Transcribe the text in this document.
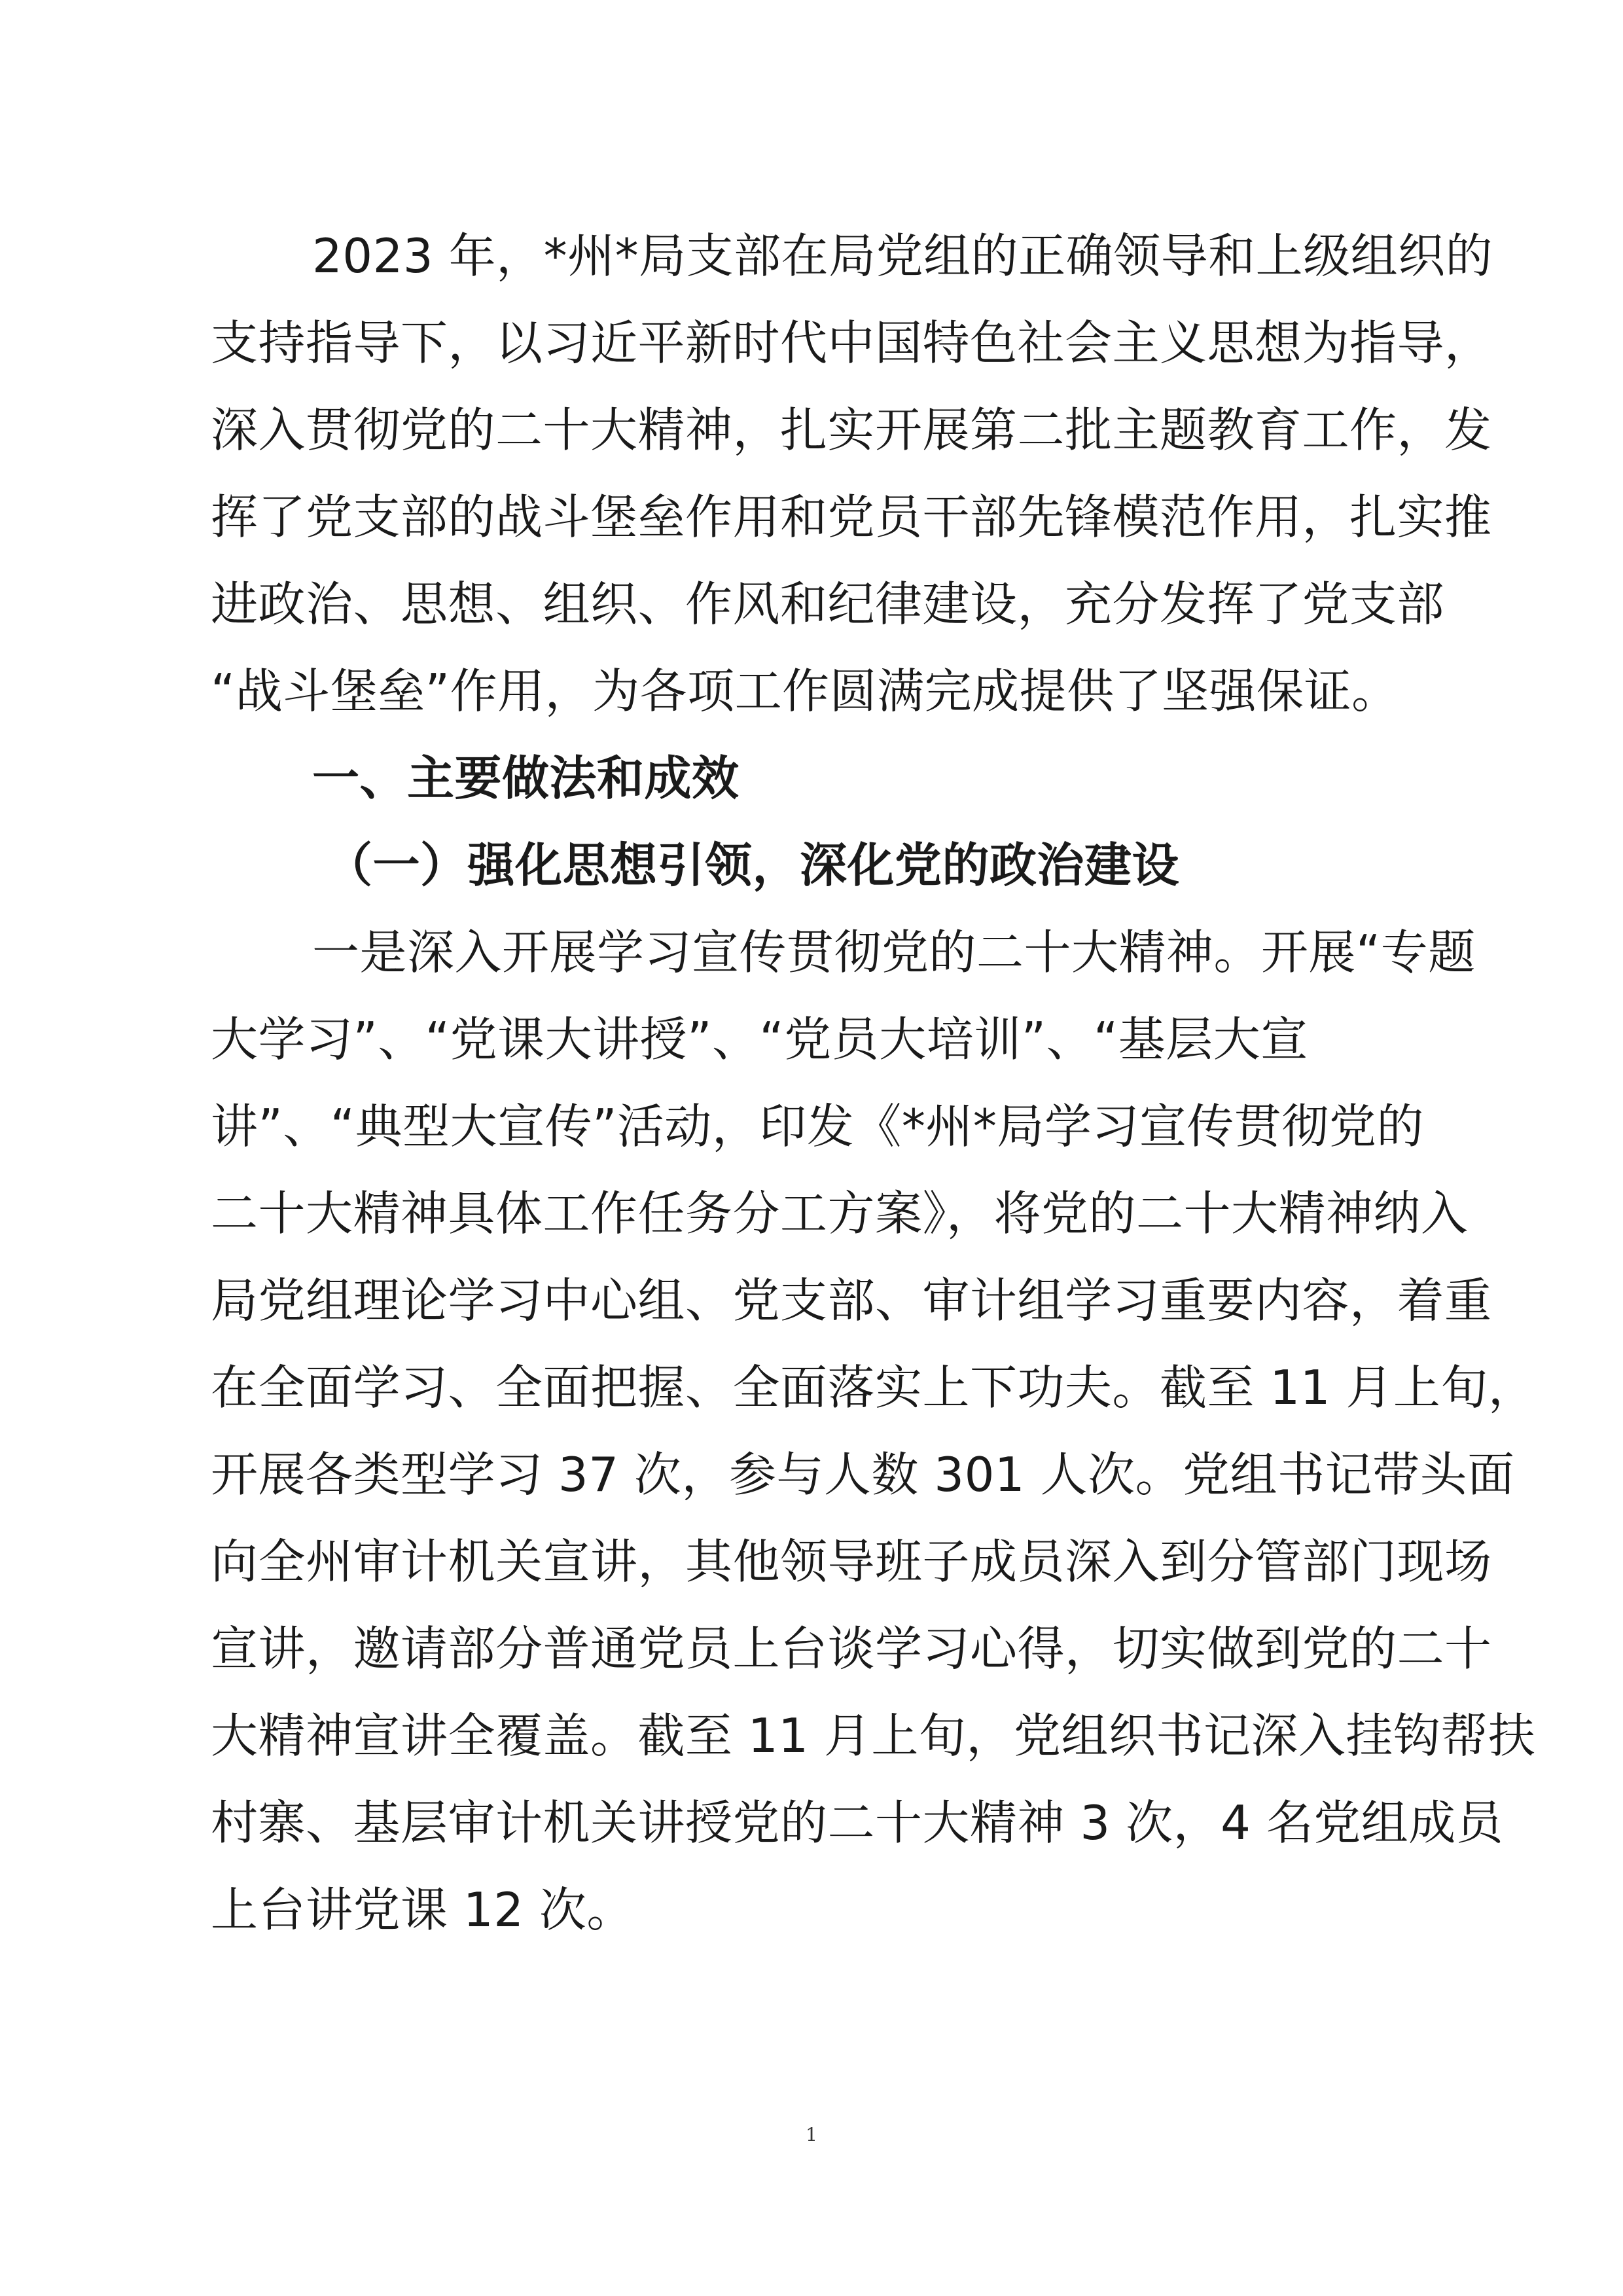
2023 年，*州*局支部在局党组的正确领导和上级组织的
支持指导下，以习近平新时代中国特色社会主义思想为指导，
深入贯彻党的二十大精神，扎实开展第二批主题教育工作，发
挥了党支部的战斗堡垒作用和党员干部先锋模范作用，扎实推
进政治、思想、组织、作风和纪律建设，充分发挥了党支部
“战斗堡垒”作用，为各项工作圆满完成提供了坚强保证。
一、主要做法和成效
（一）强化思想引领，深化党的政治建设
一是深入开展学习宣传贯彻党的二十大精神。开展“专题
大学习”、“党课大讲授”、“党员大培训”、“基层大宣
讲”、“典型大宣传”活动，印发《*州*局学习宣传贯彻党的
二十大精神具体工作任务分工方案》，将党的二十大精神纳入
局党组理论学习中心组、党支部、审计组学习重要内容，着重
在全面学习、全面把握、全面落实上下功夫。截至 11 月上旬，
开展各类型学习 37 次，参与人数 301 人次。党组书记带头面
向全州审计机关宣讲，其他领导班子成员深入到分管部门现场
宣讲，邀请部分普通党员上台谈学习心得，切实做到党的二十
大精神宣讲全覆盖。截至 11 月上旬，党组织书记深入挂钩帮扶
村寨、基层审计机关讲授党的二十大精神 3 次，4 名党组成员
上台讲党课 12 次。
1
